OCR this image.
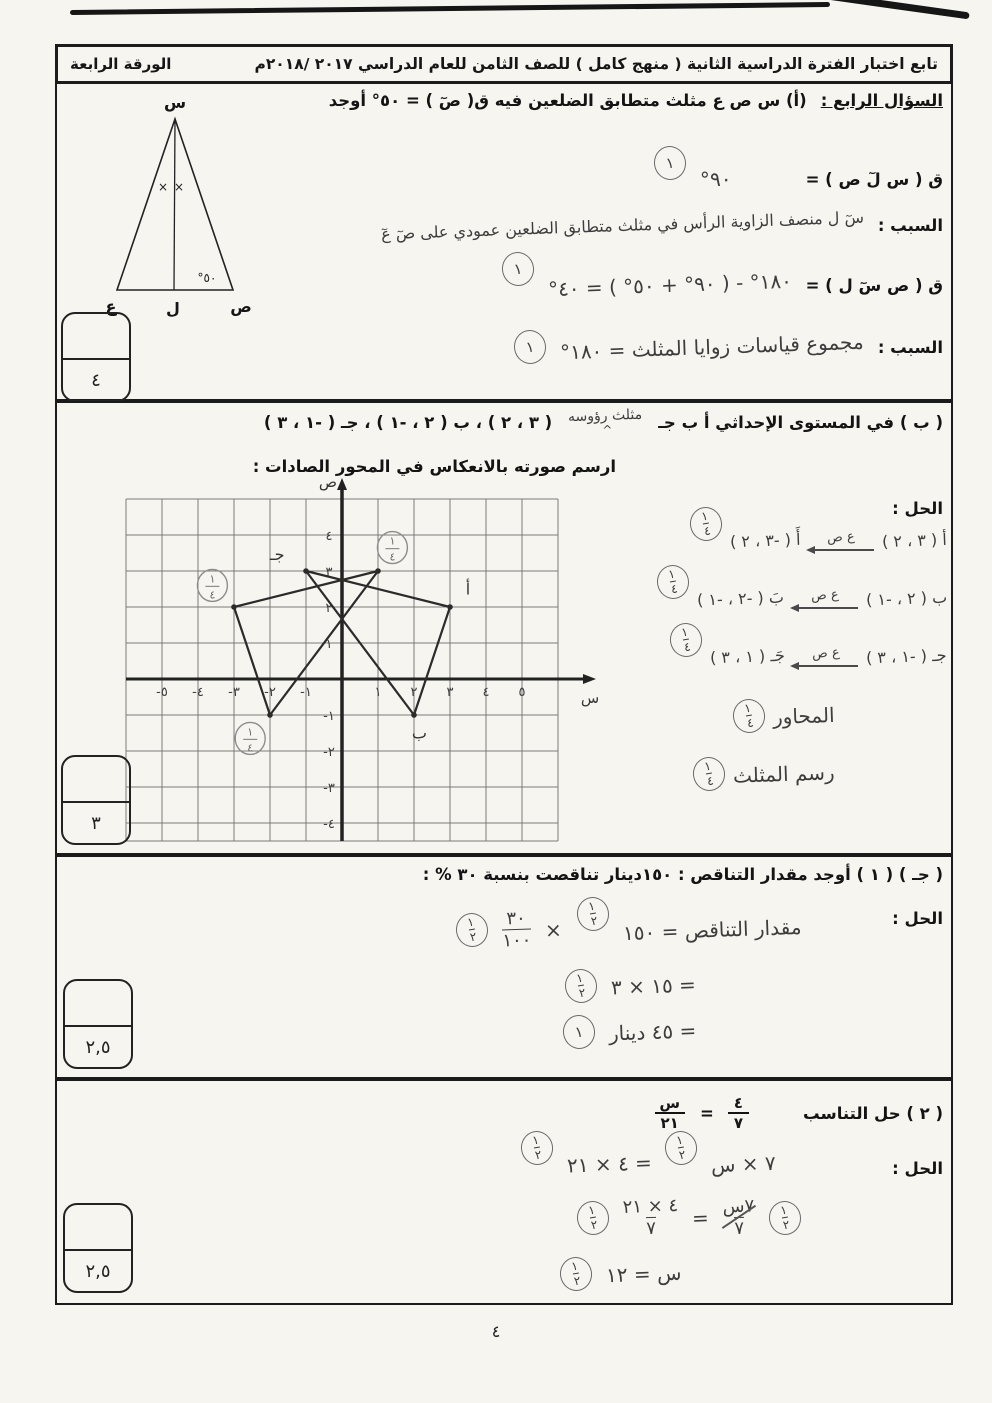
تابع اختبار الفترة الدراسية الثانية ( منهج كامل ) للصف الثامن للعام الدراسي ٢٠١٧ /٢٠١٨م
الورقة الرابعة
السؤال الرابع :
(أ) س ص ع مثلث متطابق الضلعين فيه ق( صٓ ) = ٥٠° أوجد
س
ع	ل	ص
× ×
٥٠°
ق ( س لٓ ص ) =
٩٠°
١
السبب :
سٓ ل منصف الزاوية الرأس في مثلث متطابق الضلعين عمودي على صٓ عٓ
ق ( ص سٓ ل ) =
١٨٠° - ( ٩٠° + ٥٠° ) = ٤٠°
١
السبب :
مجموع قياسات زوايا المثلث = ١٨٠°
١
٤
( ب ) في المستوى الإحداثي أ ب جـ
مثلث رؤوسه ^
( ٣ ، ٢ ) ، ب ( ٢ ، -١ ) ، جـ ( -١ ، ٣ )
ارسم صورته بالانعكاس في المحور الصادات :
الحل :
ص
س
٥- ٤- ٣- ٢- ١-	١ ٢ ٣ ٤ ٥
٤
٣
٢
١
١-
٢-
٣-
٤-
أ
ب
جـ
١
٤
١
٤
١
٤
أ ( ٣ ، ٢ )
ع ص
أَ ( -٣ ، ٢ )
$\frac{١}{٤}$
ب ( ٢ ، -١ )
ع ص
بَ ( -٢ ، -١ )
$\frac{١}{٤}$
جـ ( -١ ، ٣ )
ع ص
جَـ ( ١ ، ٣ )
$\frac{١}{٤}$
المحاور
$\frac{١}{٤}$
رسم المثلث
$\frac{١}{٤}$
٣
( جـ ) ( ١ ) أوجد مقدار التناقص : ١٥٠دينار تناقصت بنسبة ٣٠ % :
الحل :
مقدار التناقص = ١٥٠
$\frac{١}{٢}$
×
$\frac{٣٠}{١٠٠}$
$\frac{١}{٢}$
= ١٥ × ٣
$\frac{١}{٢}$
= ٤٥ دينار
١
٢,٥
( ٢ ) حل التناسب
$\frac{٤}{٧}$
=
$\frac{\text{س}}{٢١}$
الحل :
٧ × س
$\frac{١}{٢}$
= ٤ × ٢١
$\frac{١}{٢}$
$\frac{١}{٢}$
$\frac{\text{٧س}}{٧}$
=
$\frac{٤ \times ٢١}{٧}$
$\frac{١}{٢}$
س = ١٢
$\frac{١}{٢}$
٢,٥
٤
